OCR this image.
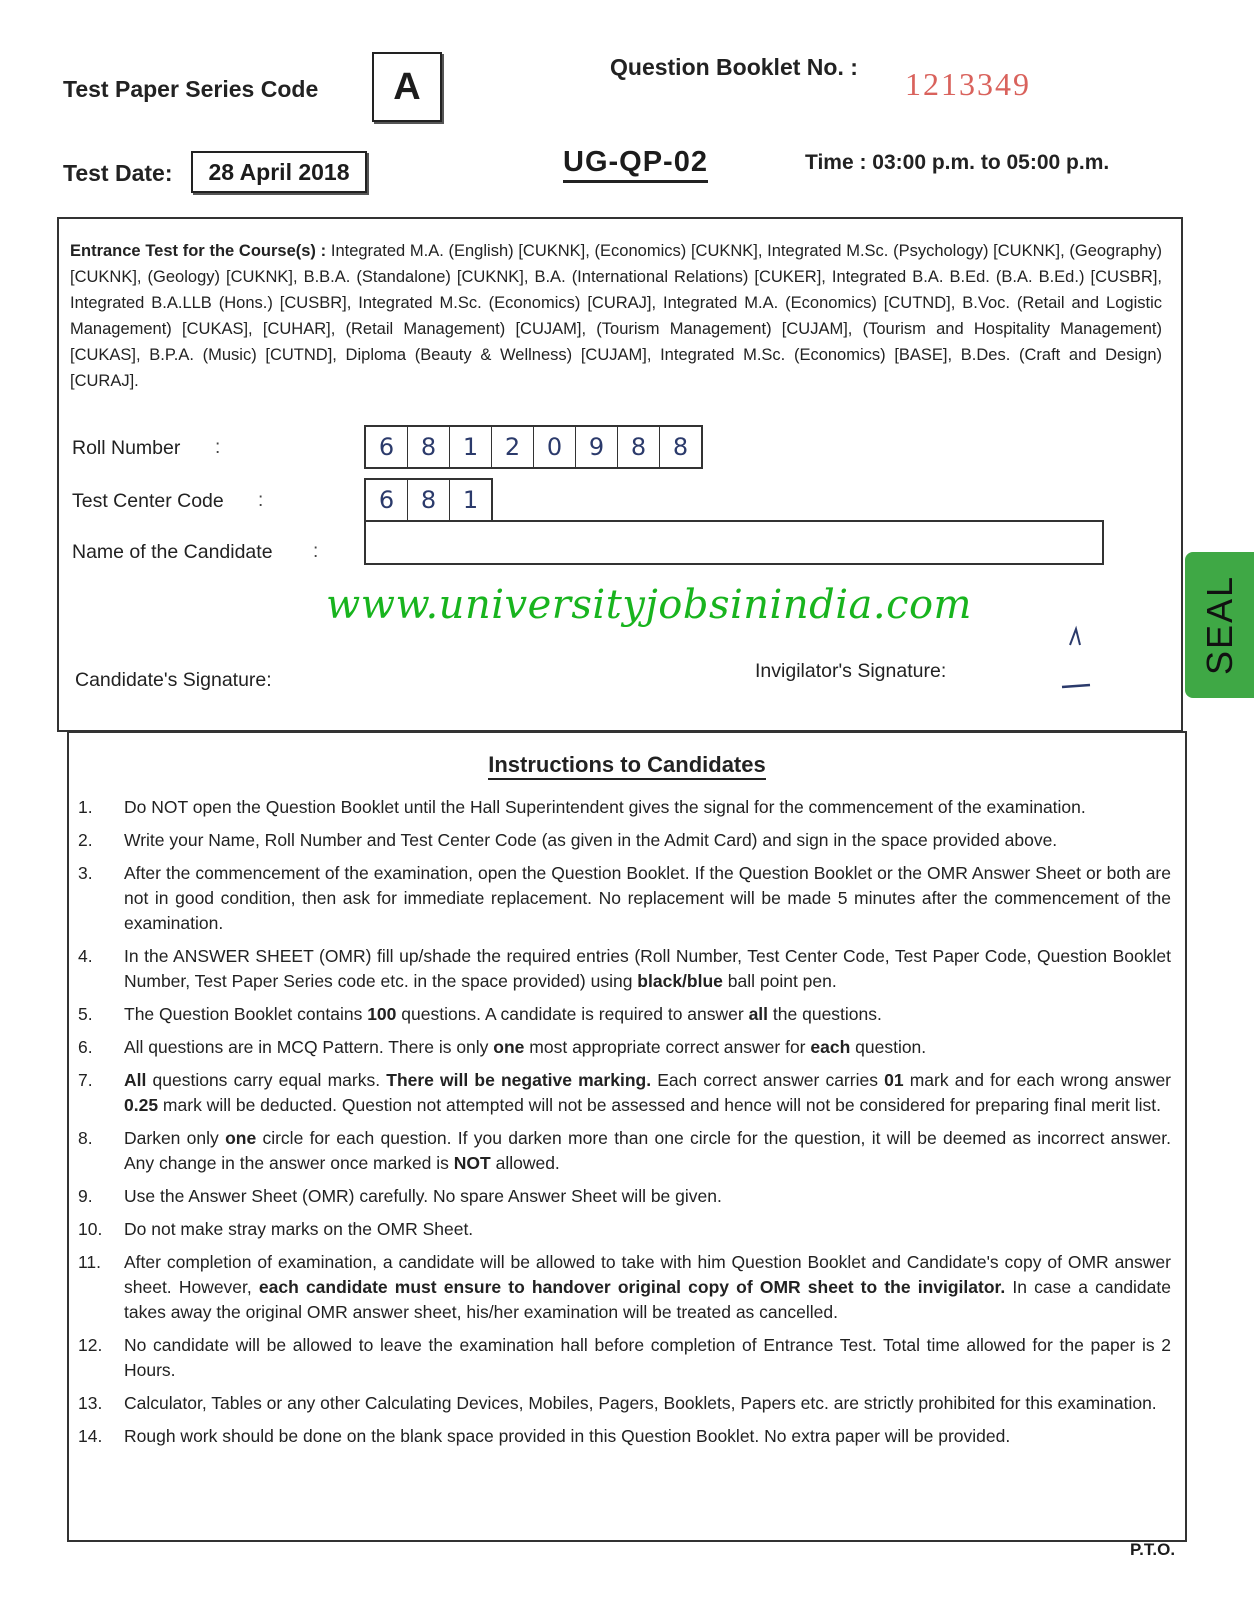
Test Paper Series Code	A	Question Booklet No. : 1213349
Test Date:	28 April 2018	UG-QP-02	Time : 03:00 p.m. to 05:00 p.m.
Entrance Test for the Course(s) : Integrated M.A. (English) [CUKNK], (Economics) [CUKNK], Integrated M.Sc. (Psychology) [CUKNK], (Geography) [CUKNK], (Geology) [CUKNK], B.B.A. (Standalone) [CUKNK], B.A. (International Relations) [CUKER], Integrated B.A. B.Ed. (B.A. B.Ed.) [CUSBR], Integrated B.A.LLB (Hons.) [CUSBR], Integrated M.Sc. (Economics) [CURAJ], Integrated M.A. (Economics) [CUTND], B.Voc. (Retail and Logistic Management) [CUKAS], [CUHAR], (Retail Management) [CUJAM], (Tourism Management) [CUJAM], (Tourism and Hospitality Management) [CUKAS], B.P.A. (Music) [CUTND], Diploma (Beauty & Wellness) [CUJAM], Integrated M.Sc. (Economics) [BASE], B.Des. (Craft and Design) [CURAJ].
Roll Number :	6	8	1	2	0	9	8	8
Test Center Code :	6	8	1
Name of the Candidate :
www.universityjobsinindia.com
Candidate's Signature:	Invigilator's Signature:	SEAL
Instructions to Candidates
1.	Do NOT open the Question Booklet until the Hall Superintendent gives the signal for the commencement of the examination.
2.	Write your Name, Roll Number and Test Center Code (as given in the Admit Card) and sign in the space provided above.
3.	After the commencement of the examination, open the Question Booklet. If the Question Booklet or the OMR Answer Sheet or both are not in good condition, then ask for immediate replacement. No replacement will be made 5 minutes after the commencement of the examination.
4.	In the ANSWER SHEET (OMR) fill up/shade the required entries (Roll Number, Test Center Code, Test Paper Code, Question Booklet Number, Test Paper Series code etc. in the space provided) using black/blue ball point pen.
5.	The Question Booklet contains 100 questions. A candidate is required to answer all the questions.
6.	All questions are in MCQ Pattern. There is only one most appropriate correct answer for each question.
7.	All questions carry equal marks. There will be negative marking. Each correct answer carries 01 mark and for each wrong answer 0.25 mark will be deducted. Question not attempted will not be assessed and hence will not be considered for preparing final merit list.
8.	Darken only one circle for each question. If you darken more than one circle for the question, it will be deemed as incorrect answer. Any change in the answer once marked is NOT allowed.
9.	Use the Answer Sheet (OMR) carefully. No spare Answer Sheet will be given.
10.	Do not make stray marks on the OMR Sheet.
11.	After completion of examination, a candidate will be allowed to take with him Question Booklet and Candidate's copy of OMR answer sheet. However, each candidate must ensure to handover original copy of OMR sheet to the invigilator. In case a candidate takes away the original OMR answer sheet, his/her examination will be treated as cancelled.
12.	No candidate will be allowed to leave the examination hall before completion of Entrance Test. Total time allowed for the paper is 2 Hours.
13.	Calculator, Tables or any other Calculating Devices, Mobiles, Pagers, Booklets, Papers etc. are strictly prohibited for this examination.
14.	Rough work should be done on the blank space provided in this Question Booklet. No extra paper will be provided.
P.T.O.
